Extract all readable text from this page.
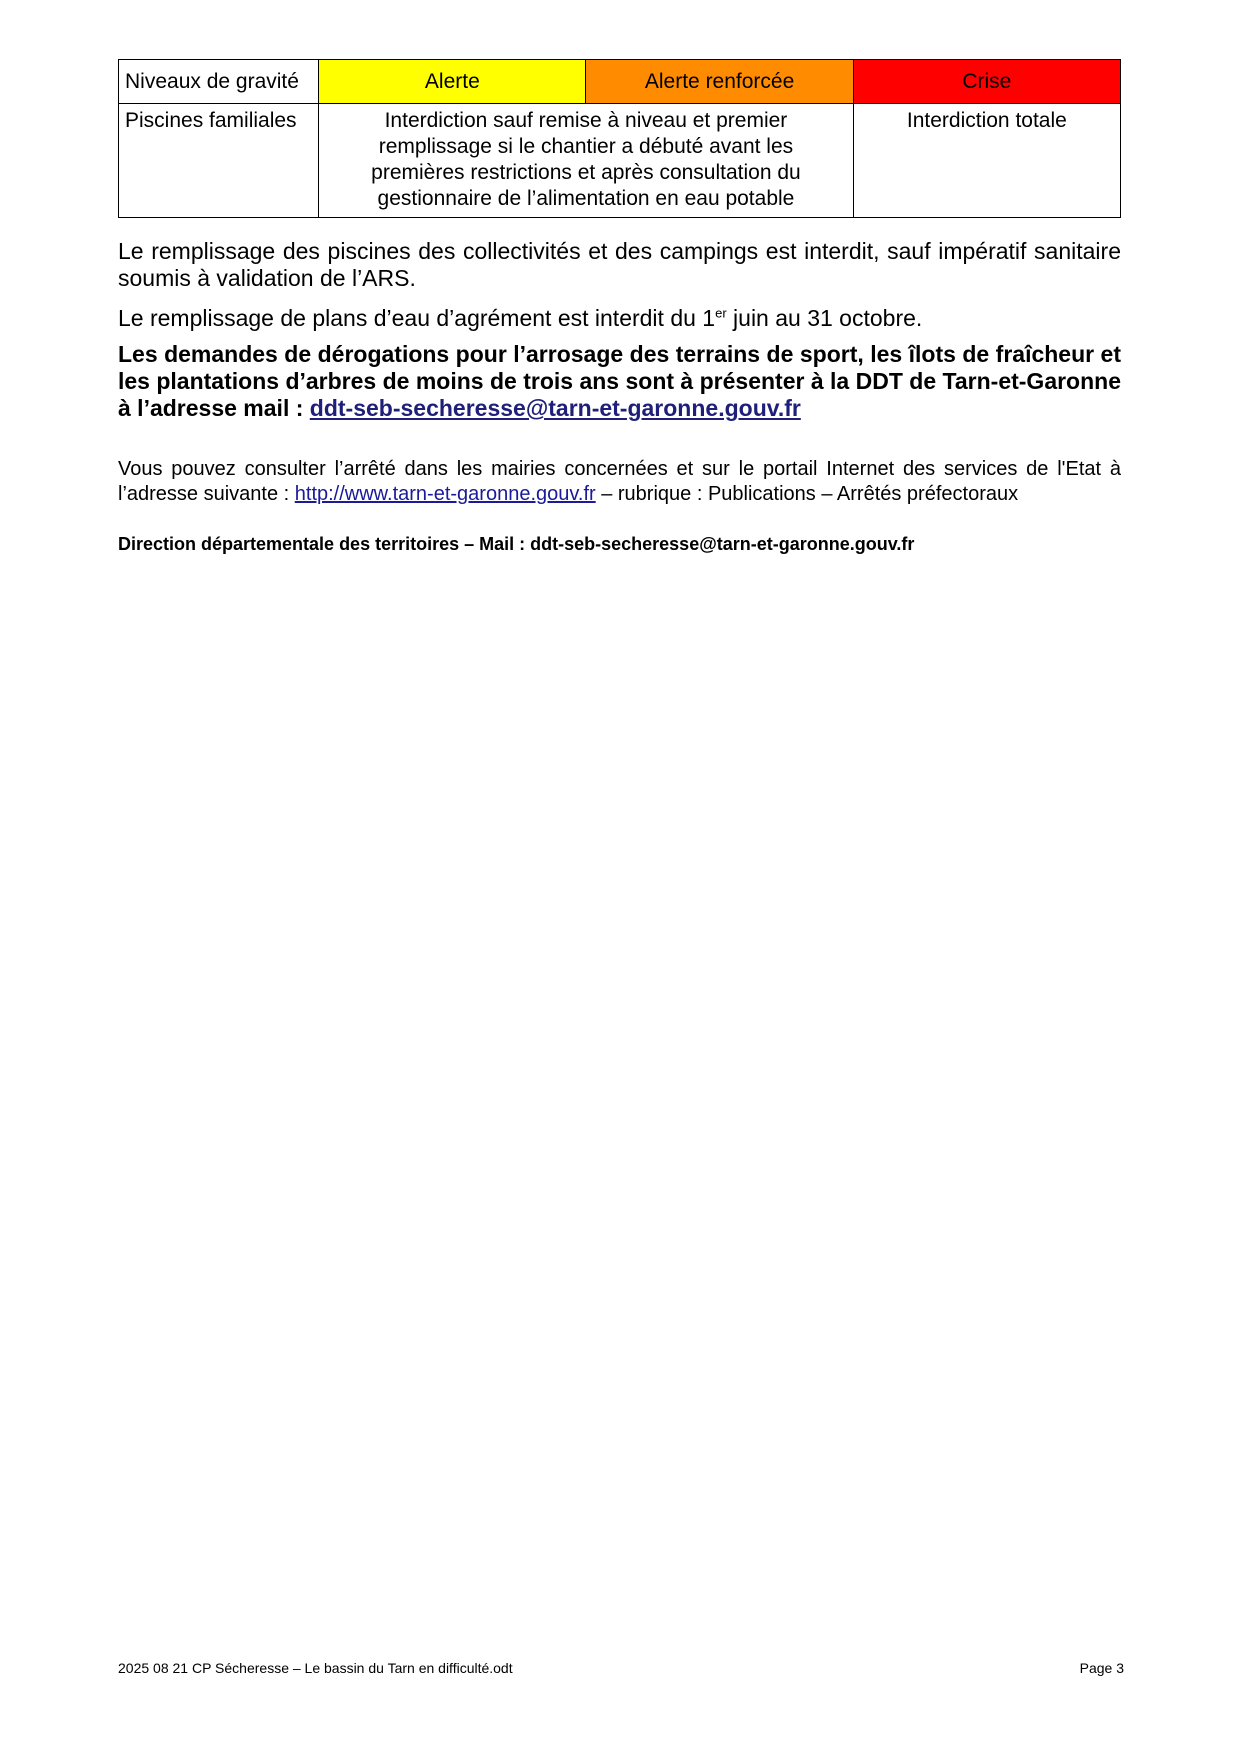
Niveaux de gravité	Alerte	Alerte renforcée	Crise
Piscines familiales	Interdiction sauf remise à niveau et premier remplissage si le chantier a débuté avant les premières restrictions et après consultation du gestionnaire de l’alimentation en eau potable		Interdiction totale
Le remplissage des piscines des collectivités et des campings est interdit, sauf impératif sanitaire soumis à validation de l’ARS.
Le remplissage de plans d’eau d’agrément est interdit du 1er juin au 31 octobre.
Les demandes de dérogations pour l’arrosage des terrains de sport, les îlots de fraîcheur et les plantations d’arbres de moins de trois ans sont à présenter à la DDT de Tarn-et-Garonne à l’adresse mail : ddt-seb-secheresse@tarn-et-garonne.gouv.fr
Vous pouvez consulter l’arrêté dans les mairies concernées et sur le portail Internet des services de l'Etat à l’adresse suivante : http://www.tarn-et-garonne.gouv.fr – rubrique : Publications – Arrêtés préfectoraux
Direction départementale des territoires – Mail : ddt-seb-secheresse@tarn-et-garonne.gouv.fr
2025 08 21 CP Sécheresse – Le bassin du Tarn en difficulté.odt	Page 3
